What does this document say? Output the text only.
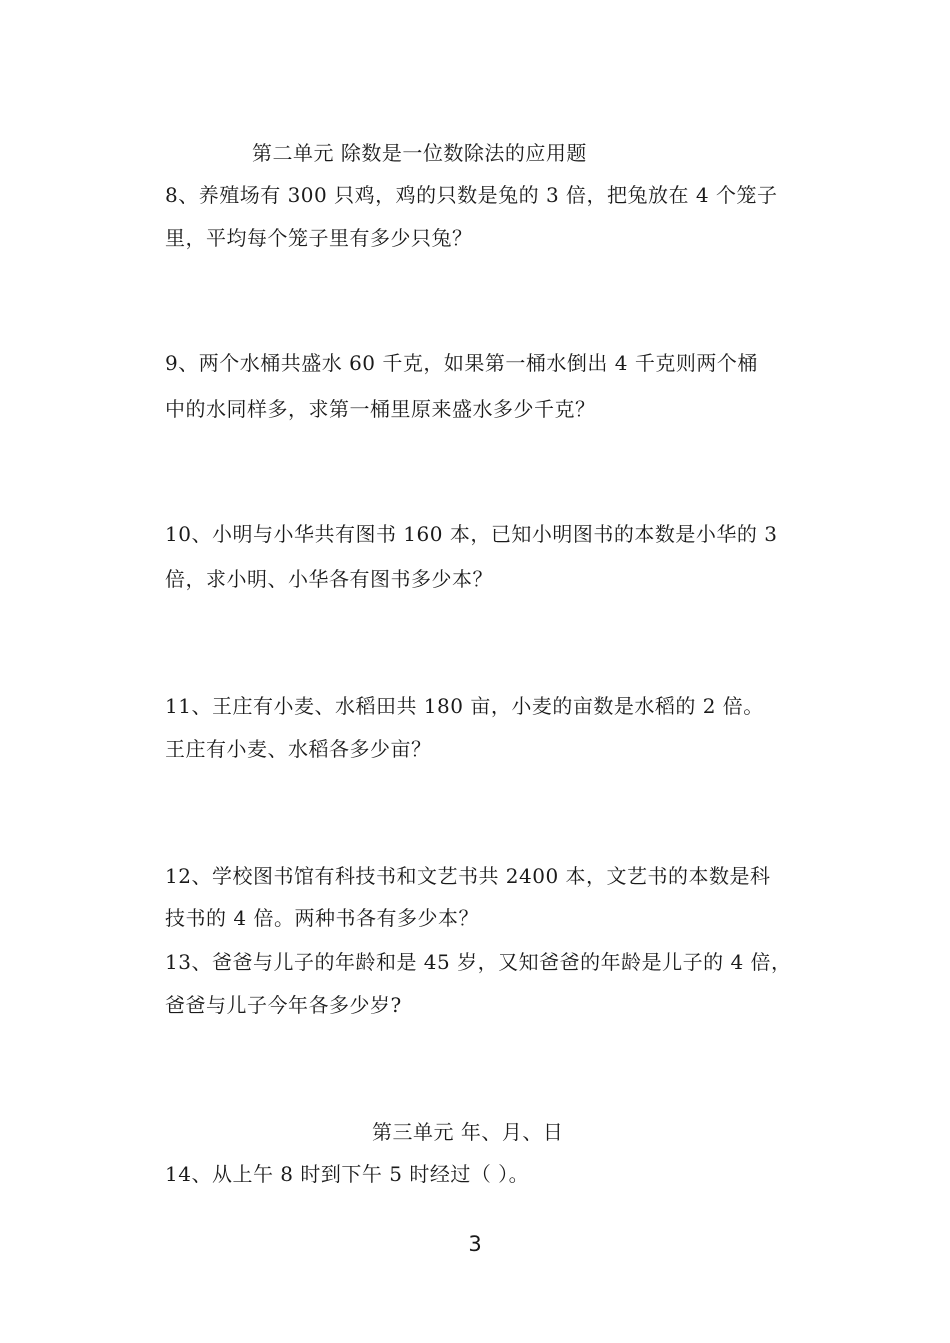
第二单元 除数是一位数除法的应用题
8、养殖场有 300 只鸡，鸡的只数是兔的 3 倍，把兔放在 4 个笼子
里，平均每个笼子里有多少只兔？
9、两个水桶共盛水 60 千克，如果第一桶水倒出 4 千克则两个桶
中的水同样多，求第一桶里原来盛水多少千克？
10、小明与小华共有图书 160 本，已知小明图书的本数是小华的 3
倍，求小明、小华各有图书多少本？
11、王庄有小麦、水稻田共 180 亩，小麦的亩数是水稻的 2 倍。
王庄有小麦、水稻各多少亩？
12、学校图书馆有科技书和文艺书共 2400 本，文艺书的本数是科
技书的 4 倍。两种书各有多少本？
13、爸爸与儿子的年龄和是 45 岁，又知爸爸的年龄是儿子的 4 倍，
爸爸与儿子今年各多少岁?
第三单元 年、月、日
14、从上午 8 时到下午 5 时经过（ ）。
3
